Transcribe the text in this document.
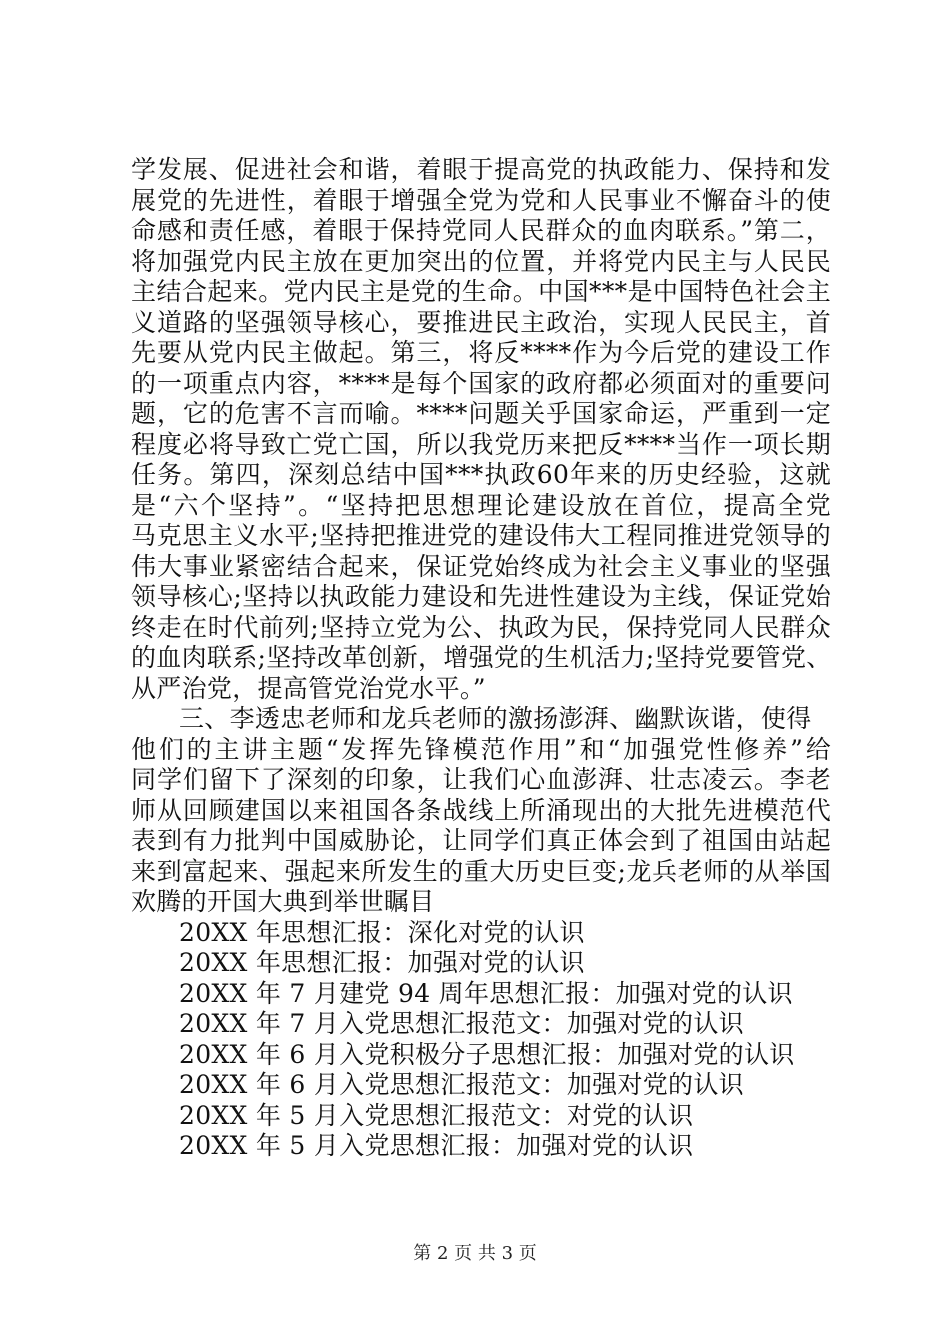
学发展、促进社会和谐，着眼于提高党的执政能力、保持和发
展党的先进性，着眼于增强全党为党和人民事业不懈奋斗的使
命感和责任感，着眼于保持党同人民群众的血肉联系。”第二，
将加强党内民主放在更加突出的位置，并将党内民主与人民民
主结合起来。党内民主是党的生命。中国***是中国特色社会主
义道路的坚强领导核心，要推进民主政治，实现人民民主，首
先要从党内民主做起。第三，将反****作为今后党的建设工作
的一项重点内容，****是每个国家的政府都必须面对的重要问
题，它的危害不言而喻。****问题关乎国家命运，严重到一定
程度必将导致亡党亡国，所以我党历来把反****当作一项长期
任务。第四，深刻总结中国***执政60年来的历史经验，这就
是“六个坚持”。“坚持把思想理论建设放在首位，提高全党
马克思主义水平;坚持把推进党的建设伟大工程同推进党领导的
伟大事业紧密结合起来，保证党始终成为社会主义事业的坚强
领导核心;坚持以执政能力建设和先进性建设为主线，保证党始
终走在时代前列;坚持立党为公、执政为民，保持党同人民群众
的血肉联系;坚持改革创新，增强党的生机活力;坚持党要管党、
从严治党，提高管党治党水平。”
三、李透忠老师和龙兵老师的激扬澎湃、幽默诙谐，使得
他们的主讲主题“发挥先锋模范作用”和“加强党性修养”给
同学们留下了深刻的印象，让我们心血澎湃、壮志凌云。李老
师从回顾建国以来祖国各条战线上所涌现出的大批先进模范代
表到有力批判中国威胁论，让同学们真正体会到了祖国由站起
来到富起来、强起来所发生的重大历史巨变;龙兵老师的从举国
欢腾的开国大典到举世瞩目
20XX 年思想汇报：深化对党的认识
20XX 年思想汇报：加强对党的认识
20XX 年 7 月建党 94 周年思想汇报：加强对党的认识
20XX 年 7 月入党思想汇报范文：加强对党的认识
20XX 年 6 月入党积极分子思想汇报：加强对党的认识
20XX 年 6 月入党思想汇报范文：加强对党的认识
20XX 年 5 月入党思想汇报范文：对党的认识
20XX 年 5 月入党思想汇报：加强对党的认识
第 2 页 共 3 页
